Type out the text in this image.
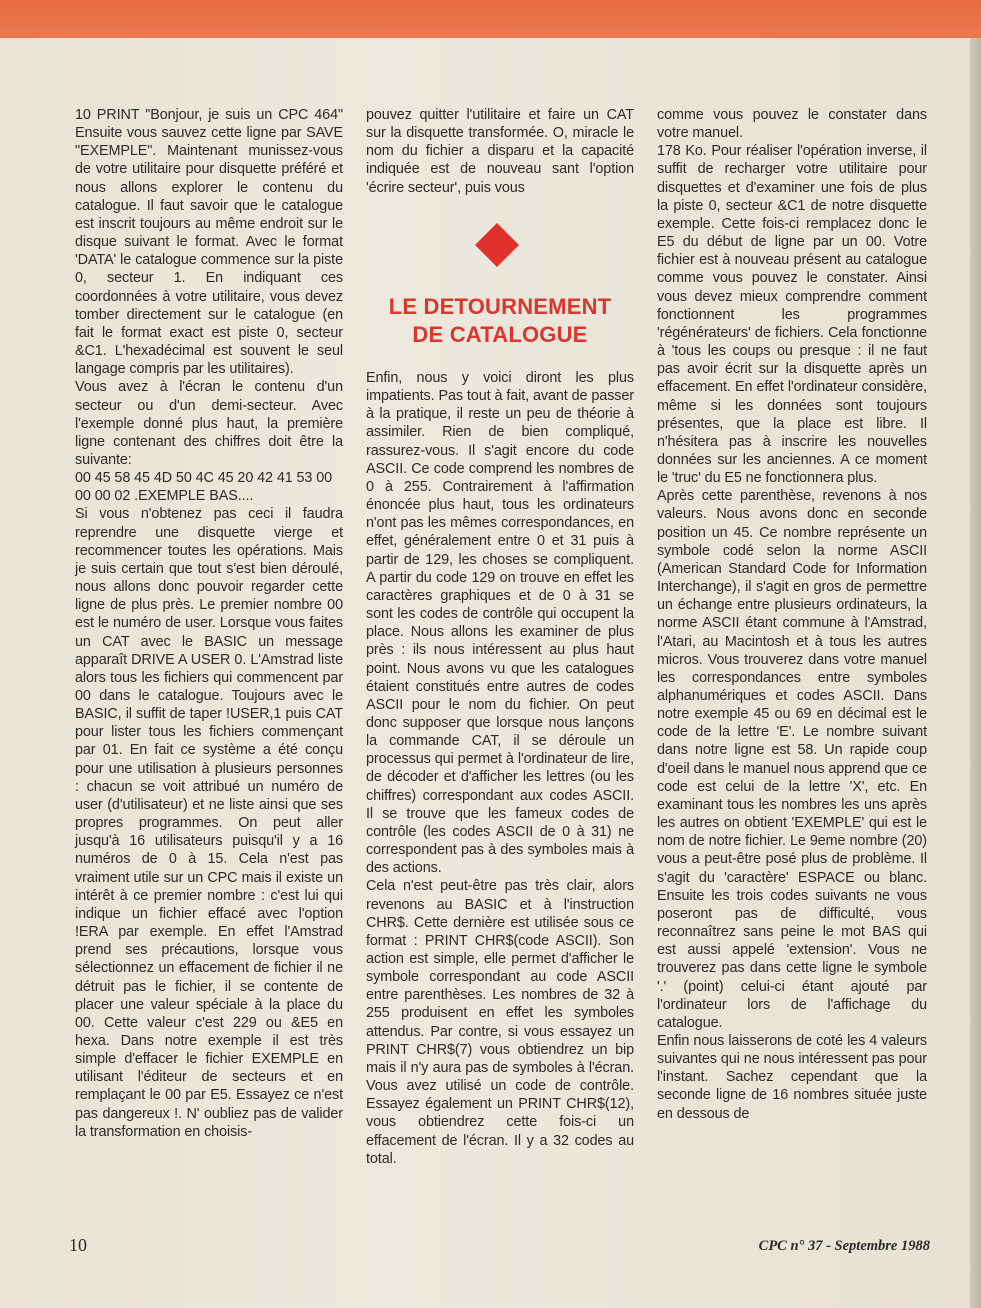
10 PRINT "Bonjour, je suis un CPC 464" Ensuite vous sauvez cette ligne par SAVE "EXEMPLE". Maintenant munissez-vous de votre utilitaire pour disquette préféré et nous allons explorer le contenu du catalogue. Il faut savoir que le catalogue est inscrit toujours au même endroit sur le disque suivant le format. Avec le format 'DATA' le catalogue commence sur la piste 0, secteur 1. En indiquant ces coordonnées à votre utilitaire, vous devez tomber directement sur le catalogue (en fait le format exact est piste 0, secteur &C1. L'hexadécimal est souvent le seul langage compris par les utilitaires).

Vous avez à l'écran le contenu d'un secteur ou d'un demi-secteur. Avec l'exemple donné plus haut, la première ligne contenant des chiffres doit être la suivante:

00 45 58 45 4D 50 4C 45 20 42 41 53 00 00 00 02 .EXEMPLE BAS....

Si vous n'obtenez pas ceci il faudra reprendre une disquette vierge et recommencer toutes les opérations. Mais je suis certain que tout s'est bien déroulé, nous allons donc pouvoir regarder cette ligne de plus près. Le premier nombre 00 est le numéro de user. Lorsque vous faites un CAT avec le BASIC un message apparaît DRIVE A USER 0. L'Amstrad liste alors tous les fichiers qui commencent par 00 dans le catalogue. Toujours avec le BASIC, il suffit de taper !USER,1 puis CAT pour lister tous les fichiers commençant par 01. En fait ce système a été conçu pour une utilisation à plusieurs personnes : chacun se voit attribué un numéro de user (d'utilisateur) et ne liste ainsi que ses propres programmes. On peut aller jusqu'à 16 utilisateurs puisqu'il y a 16 numéros de 0 à 15. Cela n'est pas vraiment utile sur un CPC mais il existe un intérêt à ce premier nombre : c'est lui qui indique un fichier effacé avec l'option !ERA par exemple. En effet l'Amstrad prend ses précautions, lorsque vous sélectionnez un effacement de fichier il ne détruit pas le fichier, il se contente de placer une valeur spéciale à la place du 00. Cette valeur c'est 229 ou &E5 en hexa. Dans notre exemple il est très simple d'effacer le fichier EXEMPLE en utilisant l'éditeur de secteurs et en remplaçant le 00 par E5. Essayez ce n'est pas dangereux !. N' oubliez pas de valider la transformation en choisis-

pouvez quitter l'utilitaire et faire un CAT sur la disquette transformée. O, miracle le nom du fichier a disparu et la capacité indiquée est de nouveau sant l'option 'écrire secteur', puis vous

LE DETOURNEMENT
DE CATALOGUE

Enfin, nous y voici diront les plus impatients. Pas tout à fait, avant de passer à la pratique, il reste un peu de théorie à assimiler. Rien de bien compliqué, rassurez-vous. Il s'agit encore du code ASCII. Ce code comprend les nombres de 0 à 255. Contrairement à l'affirmation énoncée plus haut, tous les ordinateurs n'ont pas les mêmes correspondances, en effet, généralement entre 0 et 31 puis à partir de 129, les choses se compliquent. A partir du code 129 on trouve en effet les caractères graphiques et de 0 à 31 se sont les codes de contrôle qui occupent la place. Nous allons les examiner de plus près : ils nous intéressent au plus haut point. Nous avons vu que les catalogues étaient constitués entre autres de codes ASCII pour le nom du fichier. On peut donc supposer que lorsque nous lançons la commande CAT, il se déroule un processus qui permet à l'ordinateur de lire, de décoder et d'afficher les lettres (ou les chiffres) correspondant aux codes ASCII. Il se trouve que les fameux codes de contrôle (les codes ASCII de 0 à 31) ne correspondent pas à des symboles mais à des actions.

Cela n'est peut-être pas très clair, alors revenons au BASIC et à l'instruction CHR$. Cette dernière est utilisée sous ce format : PRINT CHR$(code ASCII). Son action est simple, elle permet d'afficher le symbole correspondant au code ASCII entre parenthèses. Les nombres de 32 à 255 produisent en effet les symboles attendus. Par contre, si vous essayez un PRINT CHR$(7) vous obtiendrez un bip mais il n'y aura pas de symboles à l'écran. Vous avez utilisé un code de contrôle. Essayez également un PRINT CHR$(12), vous obtiendrez cette fois-ci un effacement de l'écran. Il y a 32 codes au total.

comme vous pouvez le constater dans votre manuel.

178 Ko. Pour réaliser l'opération inverse, il suffit de recharger votre utilitaire pour disquettes et d'examiner une fois de plus la piste 0, secteur &C1 de notre disquette exemple. Cette fois-ci remplacez donc le E5 du début de ligne par un 00. Votre fichier est à nouveau présent au catalogue comme vous pouvez le constater. Ainsi vous devez mieux comprendre comment fonctionnent les programmes 'régénérateurs' de fichiers. Cela fonctionne à 'tous les coups ou presque : il ne faut pas avoir écrit sur la disquette après un effacement. En effet l'ordinateur considère, même si les données sont toujours présentes, que la place est libre. Il n'hésitera pas à inscrire les nouvelles données sur les anciennes. A ce moment le 'truc' du E5 ne fonctionnera plus.

Après cette parenthèse, revenons à nos valeurs. Nous avons donc en seconde position un 45. Ce nombre représente un symbole codé selon la norme ASCII (American Standard Code for Information Interchange), il s'agit en gros de permettre un échange entre plusieurs ordinateurs, la norme ASCII étant commune à l'Amstrad, l'Atari, au Macintosh et à tous les autres micros. Vous trouverez dans votre manuel les correspondances entre symboles alphanumériques et codes ASCII. Dans notre exemple 45 ou 69 en décimal est le code de la lettre 'E'. Le nombre suivant dans notre ligne est 58. Un rapide coup d'oeil dans le manuel nous apprend que ce code est celui de la lettre 'X', etc. En examinant tous les nombres les uns après les autres on obtient 'EXEMPLE' qui est le nom de notre fichier. Le 9eme nombre (20) vous a peut-être posé plus de problème. Il s'agit du 'caractère' ESPACE ou blanc. Ensuite les trois codes suivants ne vous poseront pas de difficulté, vous reconnaîtrez sans peine le mot BAS qui est aussi appelé 'extension'. Vous ne trouverez pas dans cette ligne le symbole '.' (point) celui-ci étant ajouté par l'ordinateur lors de l'affichage du catalogue.

Enfin nous laisserons de coté les 4 valeurs suivantes qui ne nous intéressent pas pour l'instant. Sachez cependant que la seconde ligne de 16 nombres située juste en dessous de

10	CPC n° 37 - Septembre 1988
